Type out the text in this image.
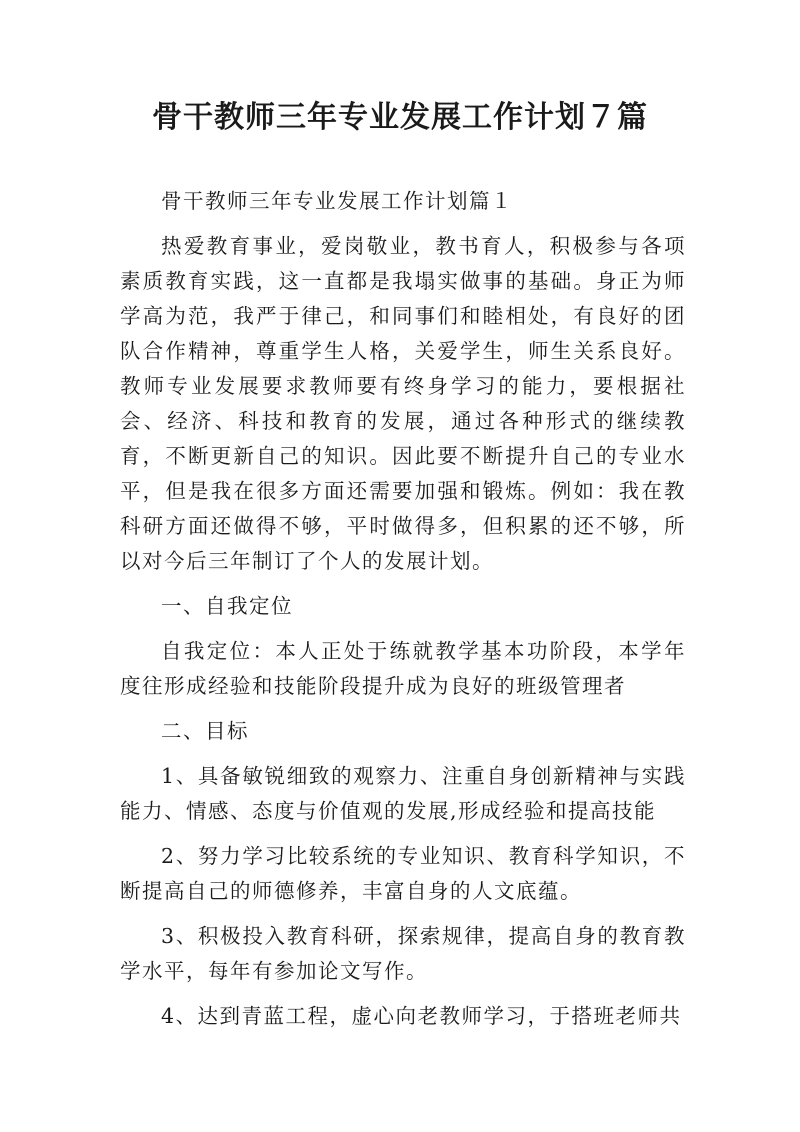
骨干教师三年专业发展工作计划７篇

骨干教师三年专业发展工作计划篇１

热爱教育事业，爱岗敬业，教书育人，积极参与各项素质教育实践，这一直都是我塌实做事的基础。身正为师学高为范，我严于律己，和同事们和睦相处，有良好的团队合作精神，尊重学生人格，关爱学生，师生关系良好。教师专业发展要求教师要有终身学习的能力，要根据社会、经济、科技和教育的发展，通过各种形式的继续教育，不断更新自己的知识。因此要不断提升自己的专业水平，但是我在很多方面还需要加强和锻炼。例如：我在教科研方面还做得不够，平时做得多，但积累的还不够，所以对今后三年制订了个人的发展计划。

一、自我定位

自我定位：本人正处于练就教学基本功阶段，本学年度往形成经验和技能阶段提升成为良好的班级管理者

二、目标

1、具备敏锐细致的观察力、注重自身创新精神与实践能力、情感、态度与价值观的发展,形成经验和提高技能

2、努力学习比较系统的专业知识、教育科学知识，不断提高自己的师德修养，丰富自身的人文底蕴。

3、积极投入教育科研，探索规律，提高自身的教育教学水平，每年有参加论文写作。

4、达到青蓝工程，虚心向老教师学习，于搭班老师共
